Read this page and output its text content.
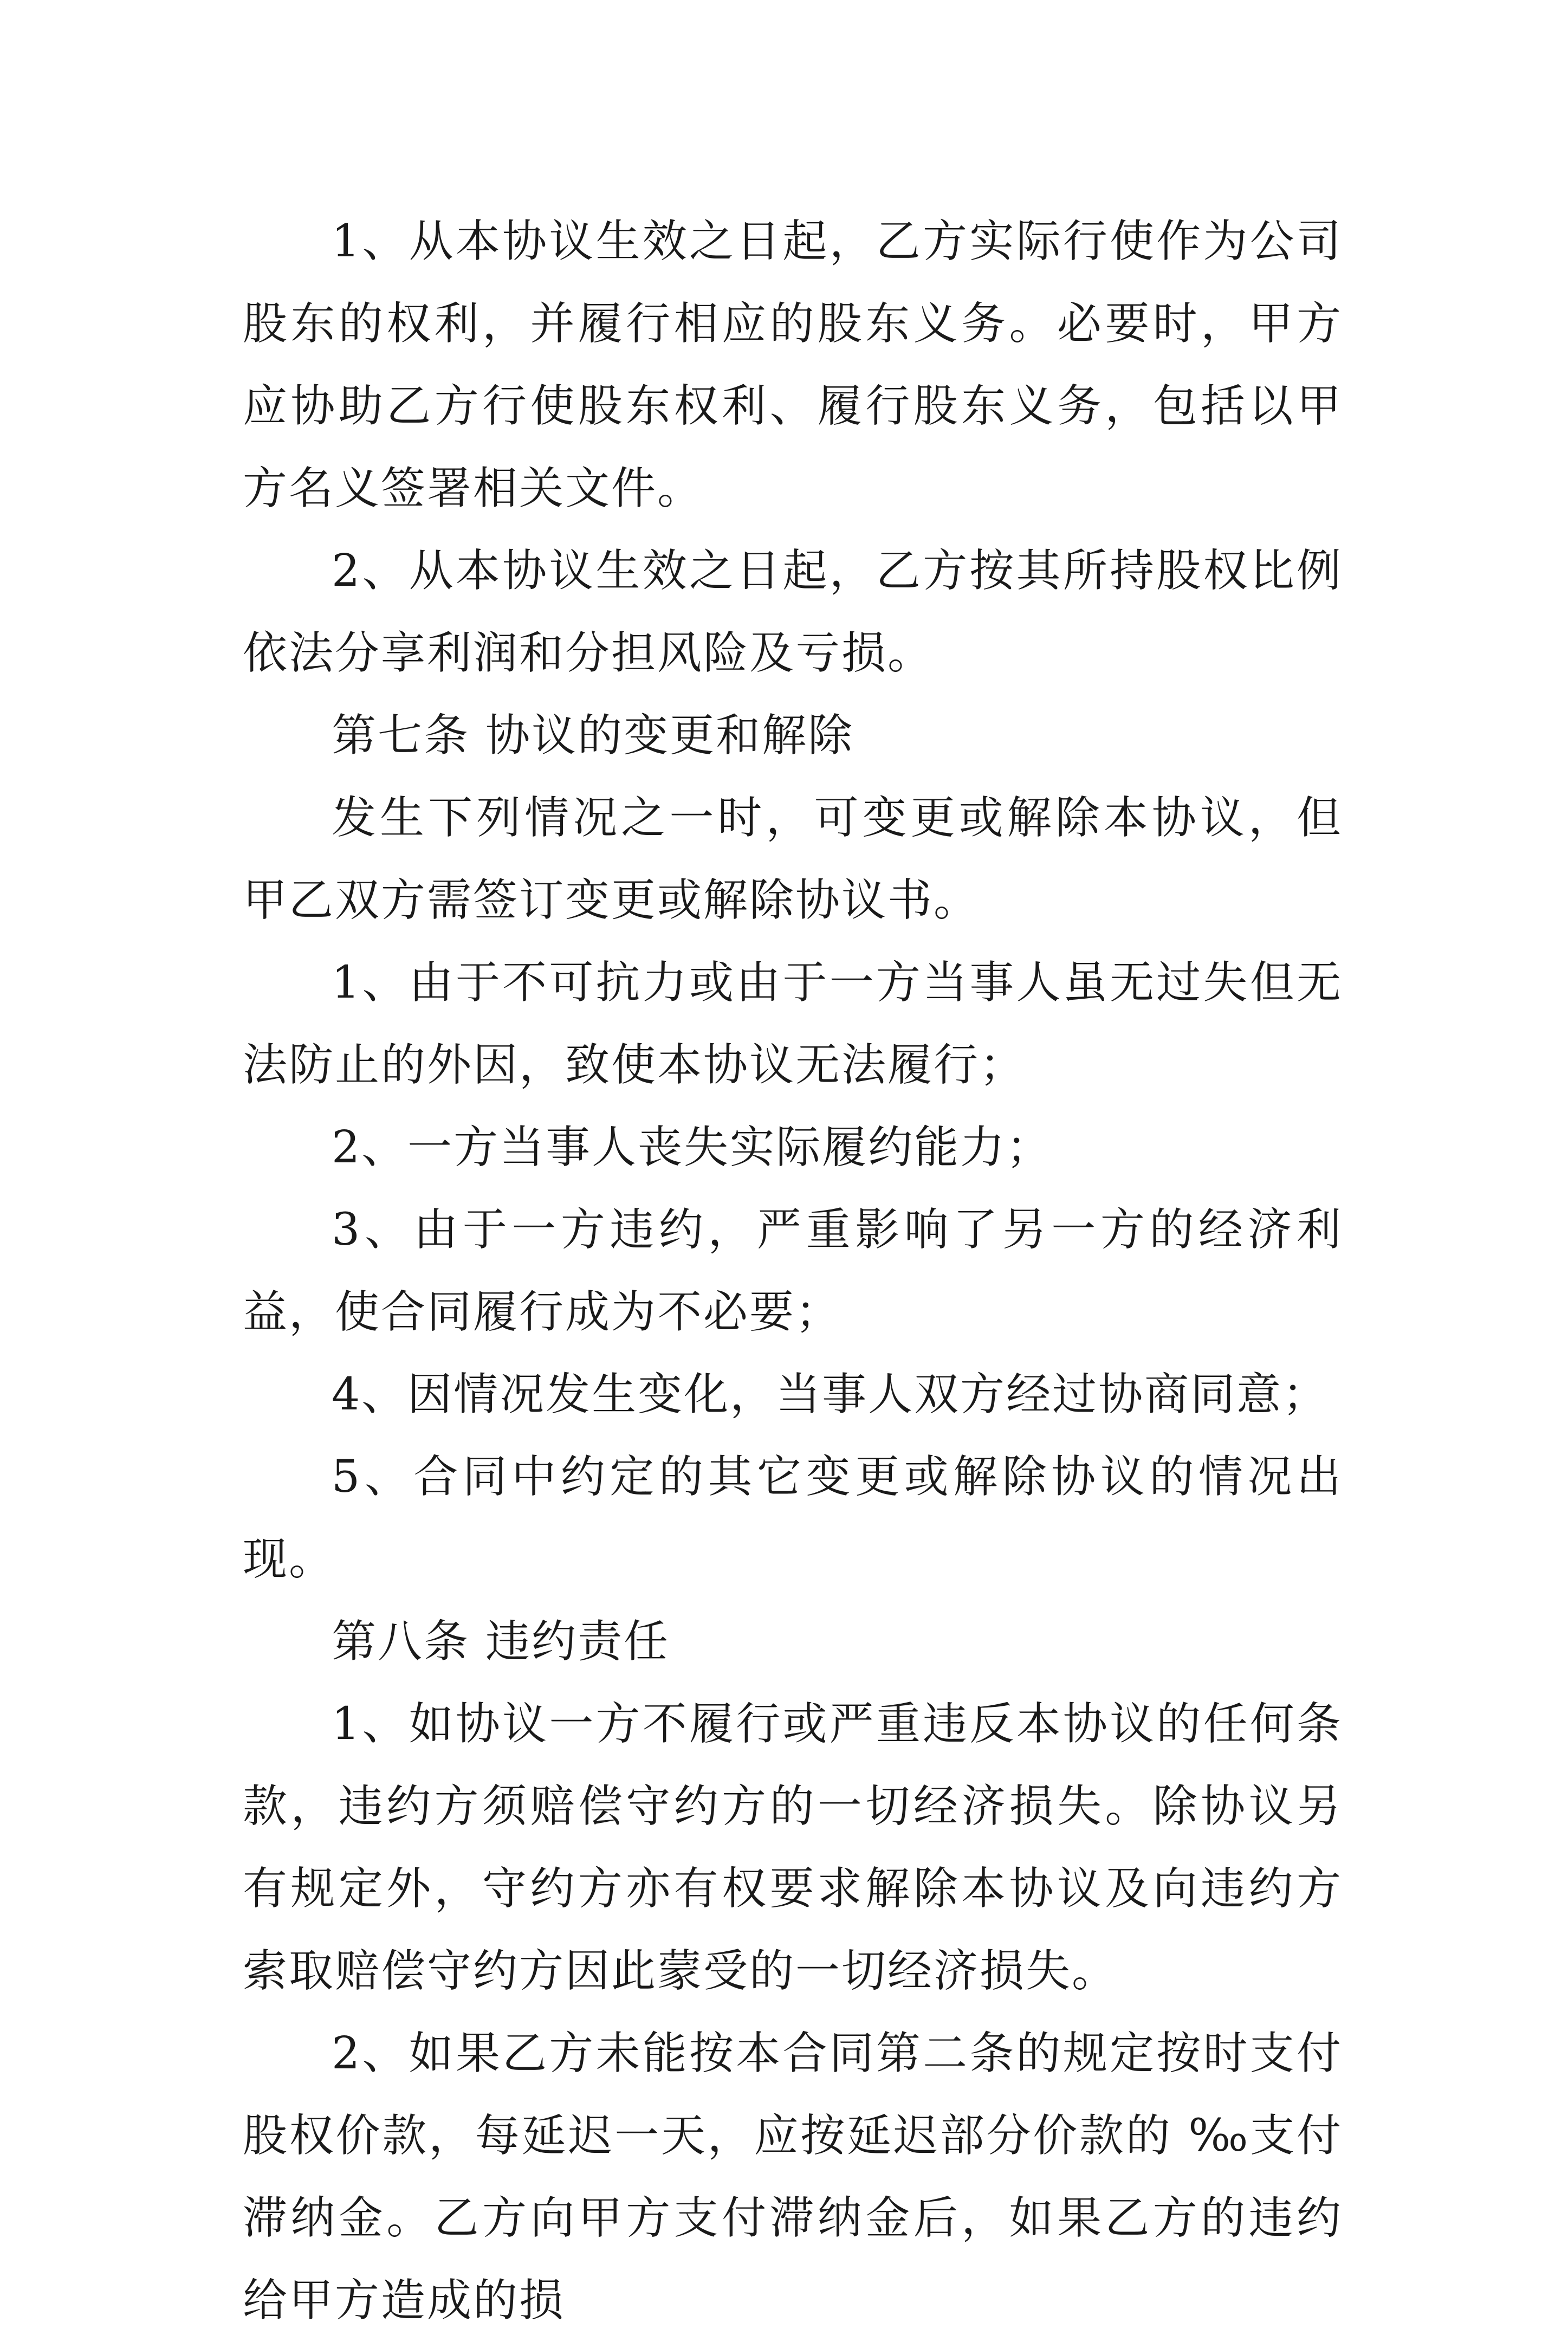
1、从本协议生效之日起，乙方实际行使作为公司股东的权利，并履行相应的股东义务。必要时，甲方应协助乙方行使股东权利、履行股东义务，包括以甲方名义签署相关文件。

2、从本协议生效之日起，乙方按其所持股权比例依法分享利润和分担风险及亏损。

第七条 协议的变更和解除

发生下列情况之一时，可变更或解除本协议，但甲乙双方需签订变更或解除协议书。

1、由于不可抗力或由于一方当事人虽无过失但无法防止的外因，致使本协议无法履行；

2、一方当事人丧失实际履约能力；

3、由于一方违约，严重影响了另一方的经济利益，使合同履行成为不必要；

4、因情况发生变化，当事人双方经过协商同意；

5、合同中约定的其它变更或解除协议的情况出现。

第八条 违约责任

1、如协议一方不履行或严重违反本协议的任何条款，违约方须赔偿守约方的一切经济损失。除协议另有规定外，守约方亦有权要求解除本协议及向违约方索取赔偿守约方因此蒙受的一切经济损失。

2、如果乙方未能按本合同第二条的规定按时支付股权价款，每延迟一天，应按延迟部分价款的 ‰支付滞纳金。乙方向甲方支付滞纳金后，如果乙方的违约给甲方造成的损
